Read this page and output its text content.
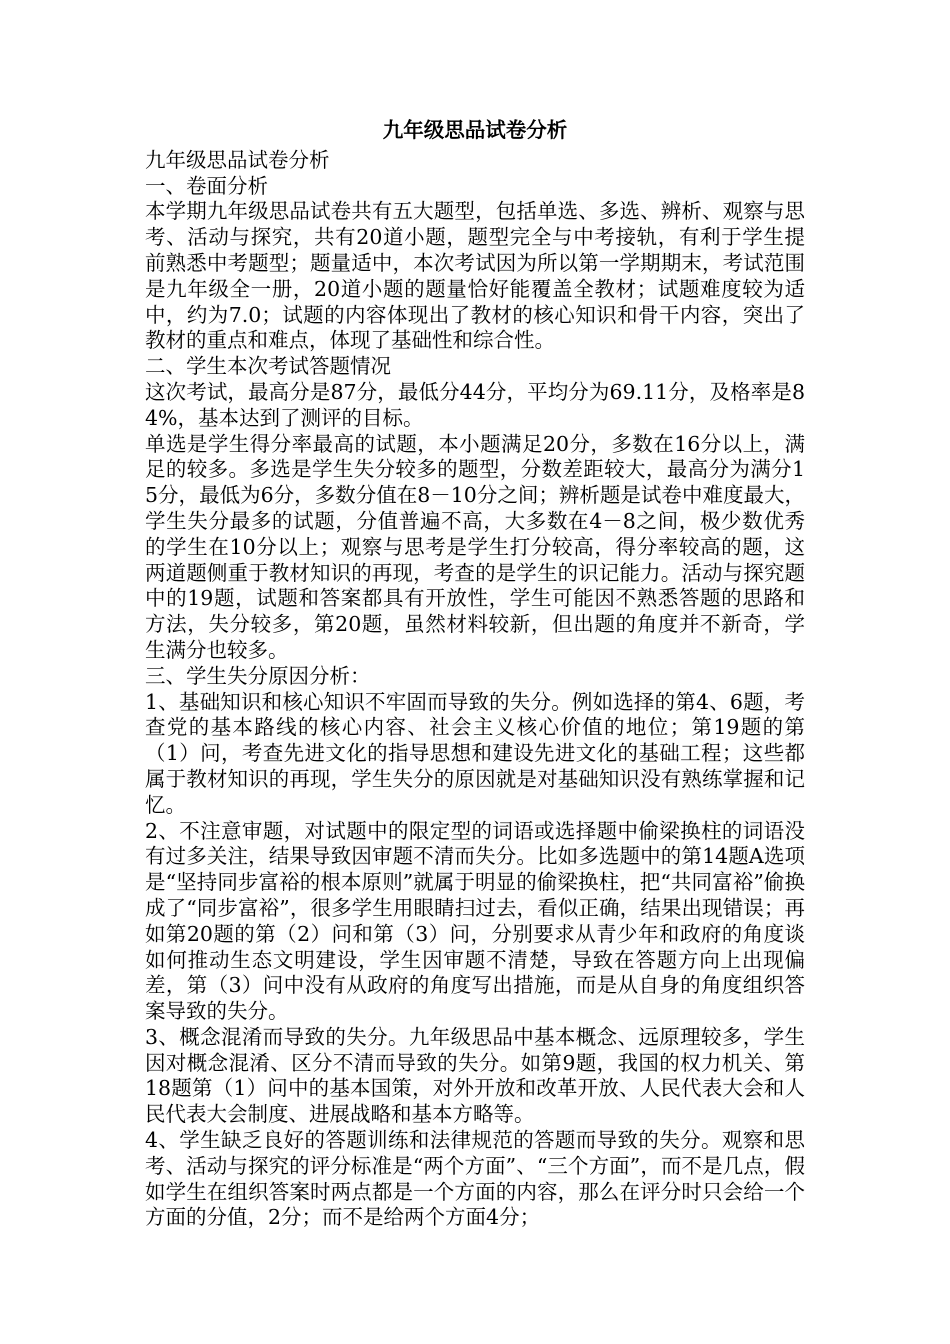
九年级思品试卷分析

九年级思品试卷分析

一、卷面分析

本学期九年级思品试卷共有五大题型，包括单选、多选、辨析、观察与思考、活动与探究，共有20道小题，题型完全与中考接轨，有利于学生提前熟悉中考题型；题量适中，本次考试因为所以第一学期期末，考试范围是九年级全一册，20道小题的题量恰好能覆盖全教材；试题难度较为适中，约为7.0；试题的内容体现出了教材的核心知识和骨干内容，突出了教材的重点和难点，体现了基础性和综合性。

二、学生本次考试答题情况

这次考试，最高分是87分，最低分44分，平均分为69.11分，及格率是84%，基本达到了测评的目标。

单选是学生得分率最高的试题，本小题满足20分，多数在16分以上，满足的较多。多选是学生失分较多的题型，分数差距较大，最高分为满分15分，最低为6分，多数分值在8－10分之间；辨析题是试卷中难度最大，学生失分最多的试题，分值普遍不高，大多数在4－8之间，极少数优秀的学生在10分以上；观察与思考是学生打分较高，得分率较高的题，这两道题侧重于教材知识的再现，考查的是学生的识记能力。活动与探究题中的19题，试题和答案都具有开放性，学生可能因不熟悉答题的思路和方法，失分较多，第20题，虽然材料较新，但出题的角度并不新奇，学生满分也较多。

三、学生失分原因分析：

1、基础知识和核心知识不牢固而导致的失分。例如选择的第4、6题，考查党的基本路线的核心内容、社会主义核心价值的地位；第19题的第（1）问，考查先进文化的指导思想和建设先进文化的基础工程；这些都属于教材知识的再现，学生失分的原因就是对基础知识没有熟练掌握和记忆。

2、不注意审题，对试题中的限定型的词语或选择题中偷梁换柱的词语没有过多关注，结果导致因审题不清而失分。比如多选题中的第14题A选项是“坚持同步富裕的根本原则”就属于明显的偷梁换柱，把“共同富裕”偷换成了“同步富裕”，很多学生用眼睛扫过去，看似正确，结果出现错误；再如第20题的第（2）问和第（3）问，分别要求从青少年和政府的角度谈如何推动生态文明建设，学生因审题不清楚，导致在答题方向上出现偏差，第（3）问中没有从政府的角度写出措施，而是从自身的角度组织答案导致的失分。

3、概念混淆而导致的失分。九年级思品中基本概念、远原理较多，学生因对概念混淆、区分不清而导致的失分。如第9题，我国的权力机关、第18题第（1）问中的基本国策，对外开放和改革开放、人民代表大会和人民代表大会制度、进展战略和基本方略等。

4、学生缺乏良好的答题训练和法律规范的答题而导致的失分。观察和思考、活动与探究的评分标准是“两个方面”、“三个方面”，而不是几点，假如学生在组织答案时两点都是一个方面的内容，那么在评分时只会给一个方面的分值，2分；而不是给两个方面4分；
